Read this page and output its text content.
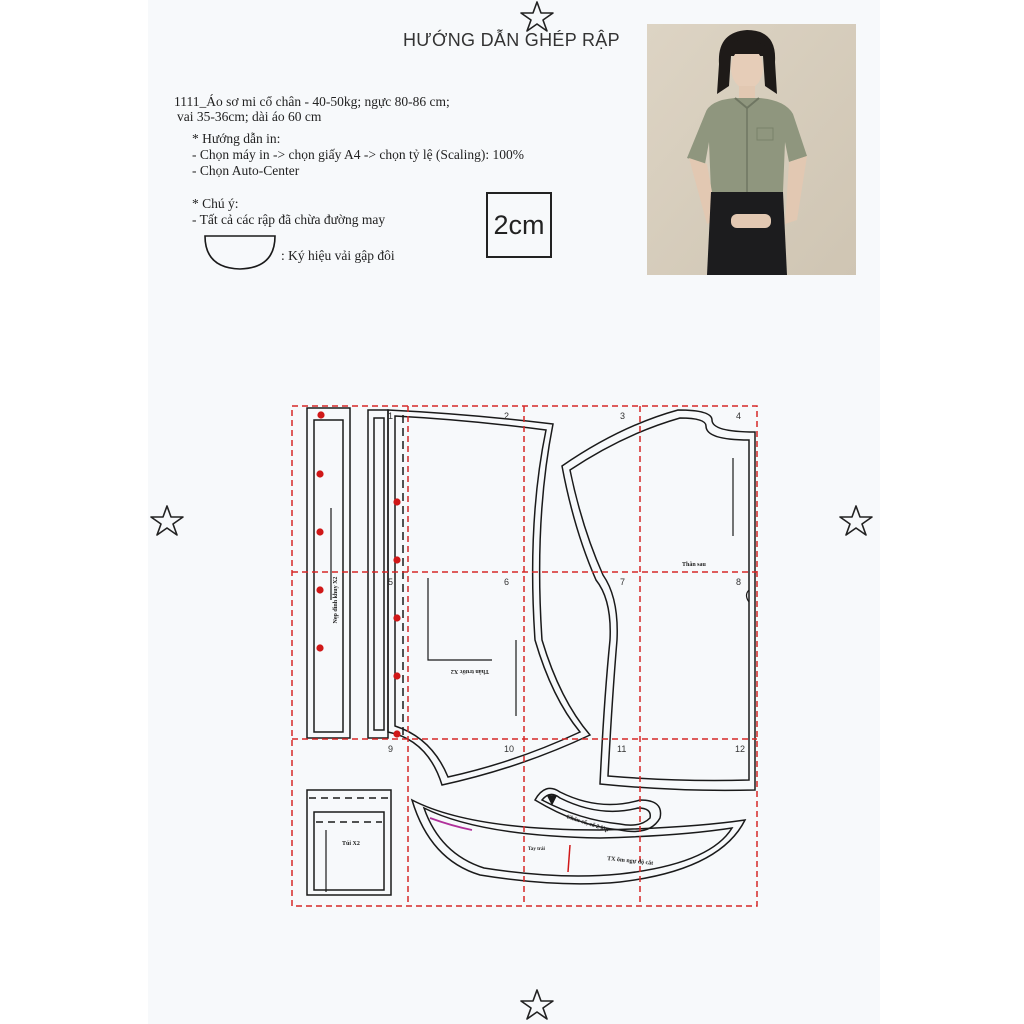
HƯỚNG DẪN GHÉP RẬP
1111_Áo sơ mi cổ chân - 40-50kg; ngực 80-86 cm;
vai 35-36cm; dài áo 60 cm
* Hướng dẫn in:
- Chọn máy in -> chọn giấy A4 -> chọn tỷ lệ (Scaling): 100%
- Chọn Auto-Center
* Chú ý:
- Tất cả các rập đã chừa đường may
: Ký hiệu vải gập đôi
2cm
1	2	3	4
5	6	7	8
9	10	11	12
Thân sau
Thân trước X2
Nẹp đinh khuy X2
Chân cổ, cổ 2 lớp
Túi X2
Tay trái
TX ôm ngự độ cắt
